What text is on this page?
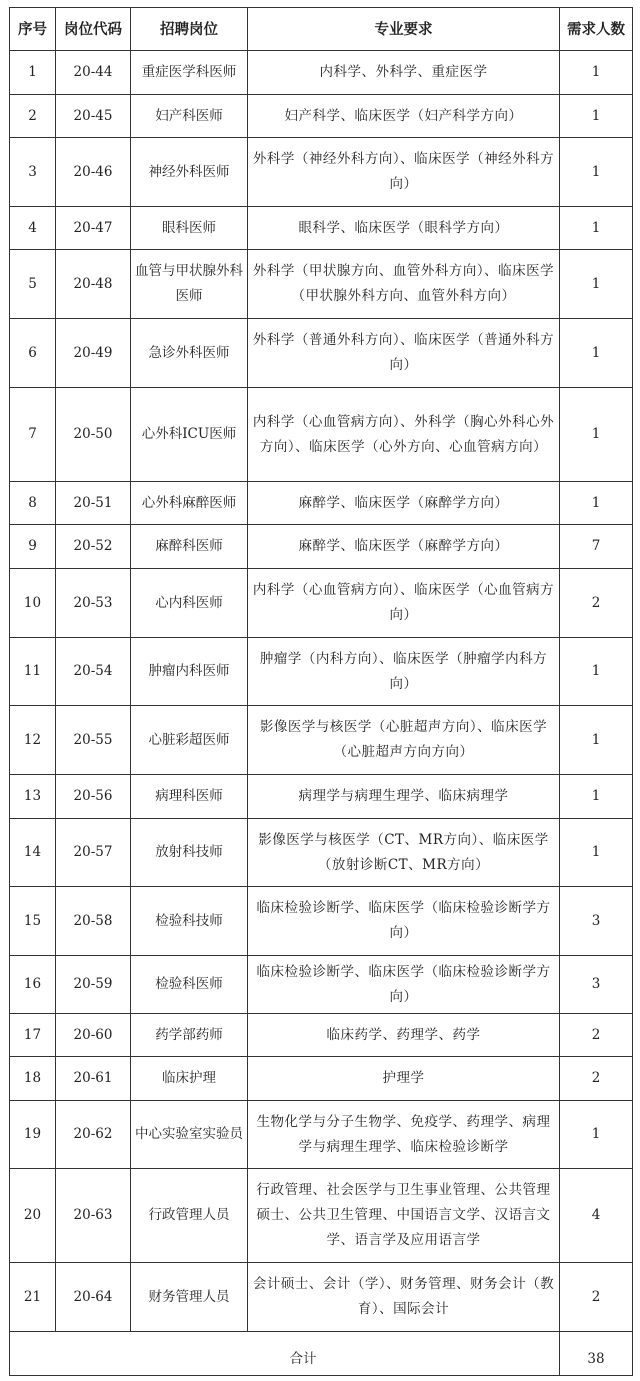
序号	岗位代码	招聘岗位	专业要求	需求人数
1	20-44	重症医学科医师	内科学、外科学、重症医学	1
2	20-45	妇产科医师	妇产科学、临床医学（妇产科学方向）	1
3	20-46	神经外科医师	外科学（神经外科方向）、临床医学（神经外科方向）	1
4	20-47	眼科医师	眼科学、临床医学（眼科学方向）	1
5	20-48	血管与甲状腺外科医师	外科学（甲状腺方向、血管外科方向）、临床医学（甲状腺外科方向、血管外科方向）	1
6	20-49	急诊外科医师	外科学（普通外科方向）、临床医学（普通外科方向）	1
7	20-50	心外科ICU医师	内科学（心血管病方向）、外科学（胸心外科心外方向）、临床医学（心外方向、心血管病方向）	1
8	20-51	心外科麻醉医师	麻醉学、临床医学（麻醉学方向）	1
9	20-52	麻醉科医师	麻醉学、临床医学（麻醉学方向）	7
10	20-53	心内科医师	内科学（心血管病方向）、临床医学（心血管病方向）	2
11	20-54	肿瘤内科医师	肿瘤学（内科方向）、临床医学（肿瘤学内科方向）	1
12	20-55	心脏彩超医师	影像医学与核医学（心脏超声方向）、临床医学（心脏超声方向方向）	1
13	20-56	病理科医师	病理学与病理生理学、临床病理学	1
14	20-57	放射科技师	影像医学与核医学（CT、MR方向）、临床医学（放射诊断CT、MR方向）	1
15	20-58	检验科技师	临床检验诊断学、临床医学（临床检验诊断学方向）	3
16	20-59	检验科医师	临床检验诊断学、临床医学（临床检验诊断学方向）	3
17	20-60	药学部药师	临床药学、药理学、药学	2
18	20-61	临床护理	护理学	2
19	20-62	中心实验室实验员	生物化学与分子生物学、免疫学、药理学、病理学与病理生理学、临床检验诊断学	1
20	20-63	行政管理人员	行政管理、社会医学与卫生事业管理、公共管理硕士、公共卫生管理、中国语言文学、汉语言文学、语言学及应用语言学	4
21	20-64	财务管理人员	会计硕士、会计（学）、财务管理、财务会计（教育）、国际会计	2
合计				38
